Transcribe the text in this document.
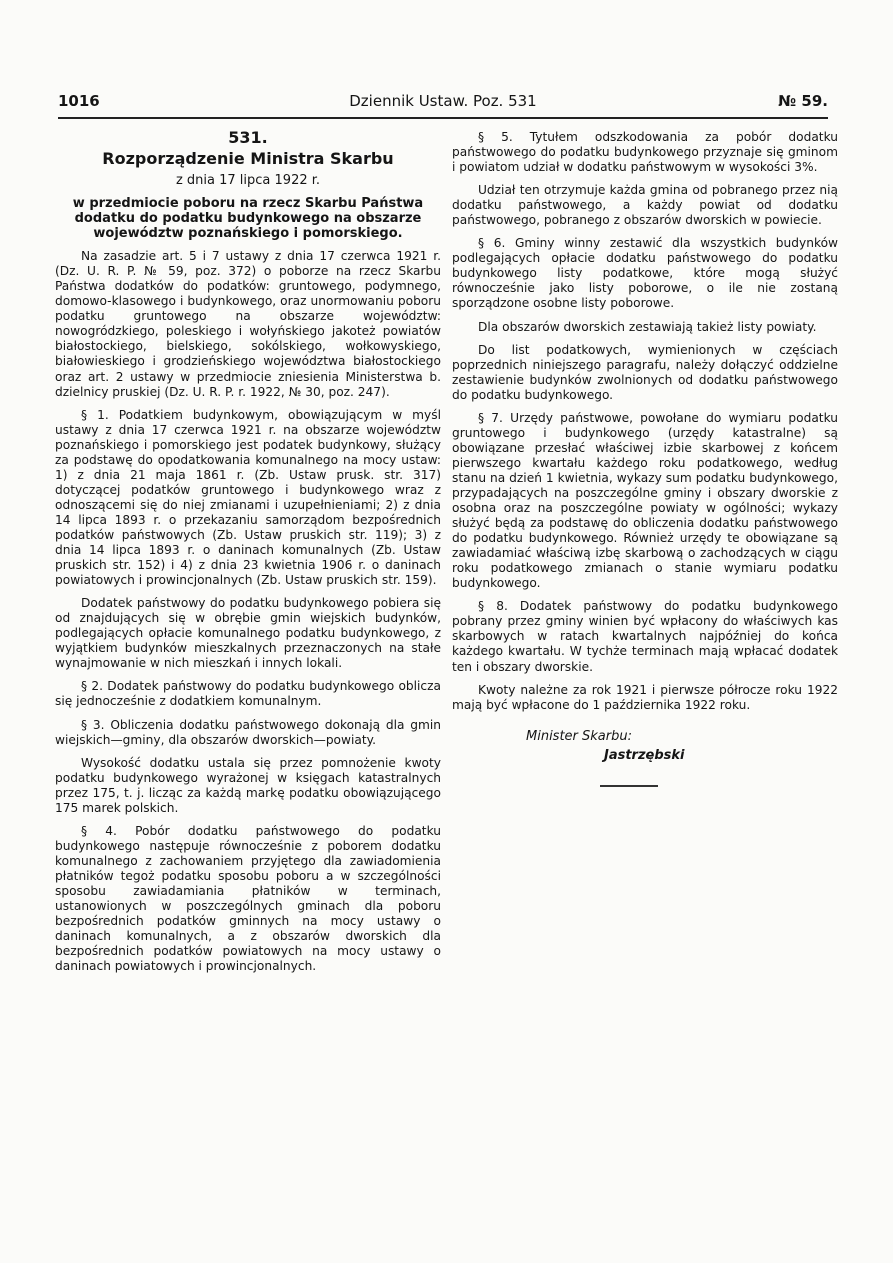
1016	Dziennik Ustaw. Poz. 531	№ 59.
531.
Rozporządzenie Ministra Skarbu
z dnia 17 lipca 1922 r.
w przedmiocie poboru na rzecz Skarbu Państwa dodatku do podatku budynkowego na obszarze województw poznańskiego i pomorskiego.

Na zasadzie art. 5 i 7 ustawy z dnia 17 czerwca 1921 r. (Dz. U. R. P. № 59, poz. 372) o poborze na rzecz Skarbu Państwa dodatków do podatków: gruntowego, podymnego, domowo-klasowego i budynkowego, oraz unormowaniu poboru podatku gruntowego na obszarze województw: nowogródzkiego, poleskiego i wołyńskiego jakoteż powiatów białostockiego, bielskiego, sokólskiego, wołkowyskiego, białowieskiego i grodzieńskiego województwa białostockiego oraz art. 2 ustawy w przedmiocie zniesienia Ministerstwa b. dzielnicy pruskiej (Dz. U. R. P. r. 1922, № 30, poz. 247).

§ 1. Podatkiem budynkowym, obowiązującym w myśl ustawy z dnia 17 czerwca 1921 r. na obszarze województw poznańskiego i pomorskiego jest podatek budynkowy, służący za podstawę do opodatkowania komunalnego na mocy ustaw: 1) z dnia 21 maja 1861 r. (Zb. Ustaw prusk. str. 317) dotyczącej podatków gruntowego i budynkowego wraz z odnoszącemi się do niej zmianami i uzupełnieniami; 2) z dnia 14 lipca 1893 r. o przekazaniu samorządom bezpośrednich podatków państwowych (Zb. Ustaw pruskich str. 119); 3) z dnia 14 lipca 1893 r. o daninach komunalnych (Zb. Ustaw pruskich str. 152) i 4) z dnia 23 kwietnia 1906 r. o daninach powiatowych i prowincjonalnych (Zb. Ustaw pruskich str. 159).

Dodatek państwowy do podatku budynkowego pobiera się od znajdujących się w obrębie gmin wiejskich budynków, podlegających opłacie komunalnego podatku budynkowego, z wyjątkiem budynków mieszkalnych przeznaczonych na stałe wynajmowanie w nich mieszkań i innych lokali.

§ 2. Dodatek państwowy do podatku budynkowego oblicza się jednocześnie z dodatkiem komunalnym.

§ 3. Obliczenia dodatku państwowego dokonają dla gmin wiejskich—gminy, dla obszarów dworskich—powiaty.

Wysokość dodatku ustala się przez pomnożenie kwoty podatku budynkowego wyrażonej w księgach katastralnych przez 175, t. j. licząc za każdą markę podatku obowiązującego 175 marek polskich.

§ 4. Pobór dodatku państwowego do podatku budynkowego następuje równocześnie z poborem dodatku komunalnego z zachowaniem przyjętego dla zawiadomienia płatników tegoż podatku sposobu poboru a w szczególności sposobu zawiadamiania płatników w terminach, ustanowionych w poszczególnych gminach dla poboru bezpośrednich podatków gminnych na mocy ustawy o daninach komunalnych, a z obszarów dworskich dla bezpośrednich podatków powiatowych na mocy ustawy o daninach powiatowych i prowincjonalnych.

§ 5. Tytułem odszkodowania za pobór dodatku państwowego do podatku budynkowego przyznaje się gminom i powiatom udział w dodatku państwowym w wysokości 3%.

Udział ten otrzymuje każda gmina od pobranego przez nią dodatku państwowego, a każdy powiat od dodatku państwowego, pobranego z obszarów dworskich w powiecie.

§ 6. Gminy winny zestawić dla wszystkich budynków podlegających opłacie dodatku państwowego do podatku budynkowego listy podatkowe, które mogą służyć równocześnie jako listy poborowe, o ile nie zostaną sporządzone osobne listy poborowe.

Dla obszarów dworskich zestawiają takież listy powiaty.

Do list podatkowych, wymienionych w częściach poprzednich niniejszego paragrafu, należy dołączyć oddzielne zestawienie budynków zwolnionych od dodatku państwowego do podatku budynkowego.

§ 7. Urzędy państwowe, powołane do wymiaru podatku gruntowego i budynkowego (urzędy katastralne) są obowiązane przesłać właściwej izbie skarbowej z końcem pierwszego kwartału każdego roku podatkowego, według stanu na dzień 1 kwietnia, wykazy sum podatku budynkowego, przypadających na poszczególne gminy i obszary dworskie z osobna oraz na poszczególne powiaty w ogólności; wykazy służyć będą za podstawę do obliczenia dodatku państwowego do podatku budynkowego. Również urzędy te obowiązane są zawiadamiać właściwą izbę skarbową o zachodzących w ciągu roku podatkowego zmianach o stanie wymiaru podatku budynkowego.

§ 8. Dodatek państwowy do podatku budynkowego pobrany przez gminy winien być wpłacony do właściwych kas skarbowych w ratach kwartalnych najpóźniej do końca każdego kwartału. W tychże terminach mają wpłacać dodatek ten i obszary dworskie.

Kwoty należne za rok 1921 i pierwsze półrocze roku 1922 mają być wpłacone do 1 października 1922 roku.

Minister Skarbu:

Jastrzębski
